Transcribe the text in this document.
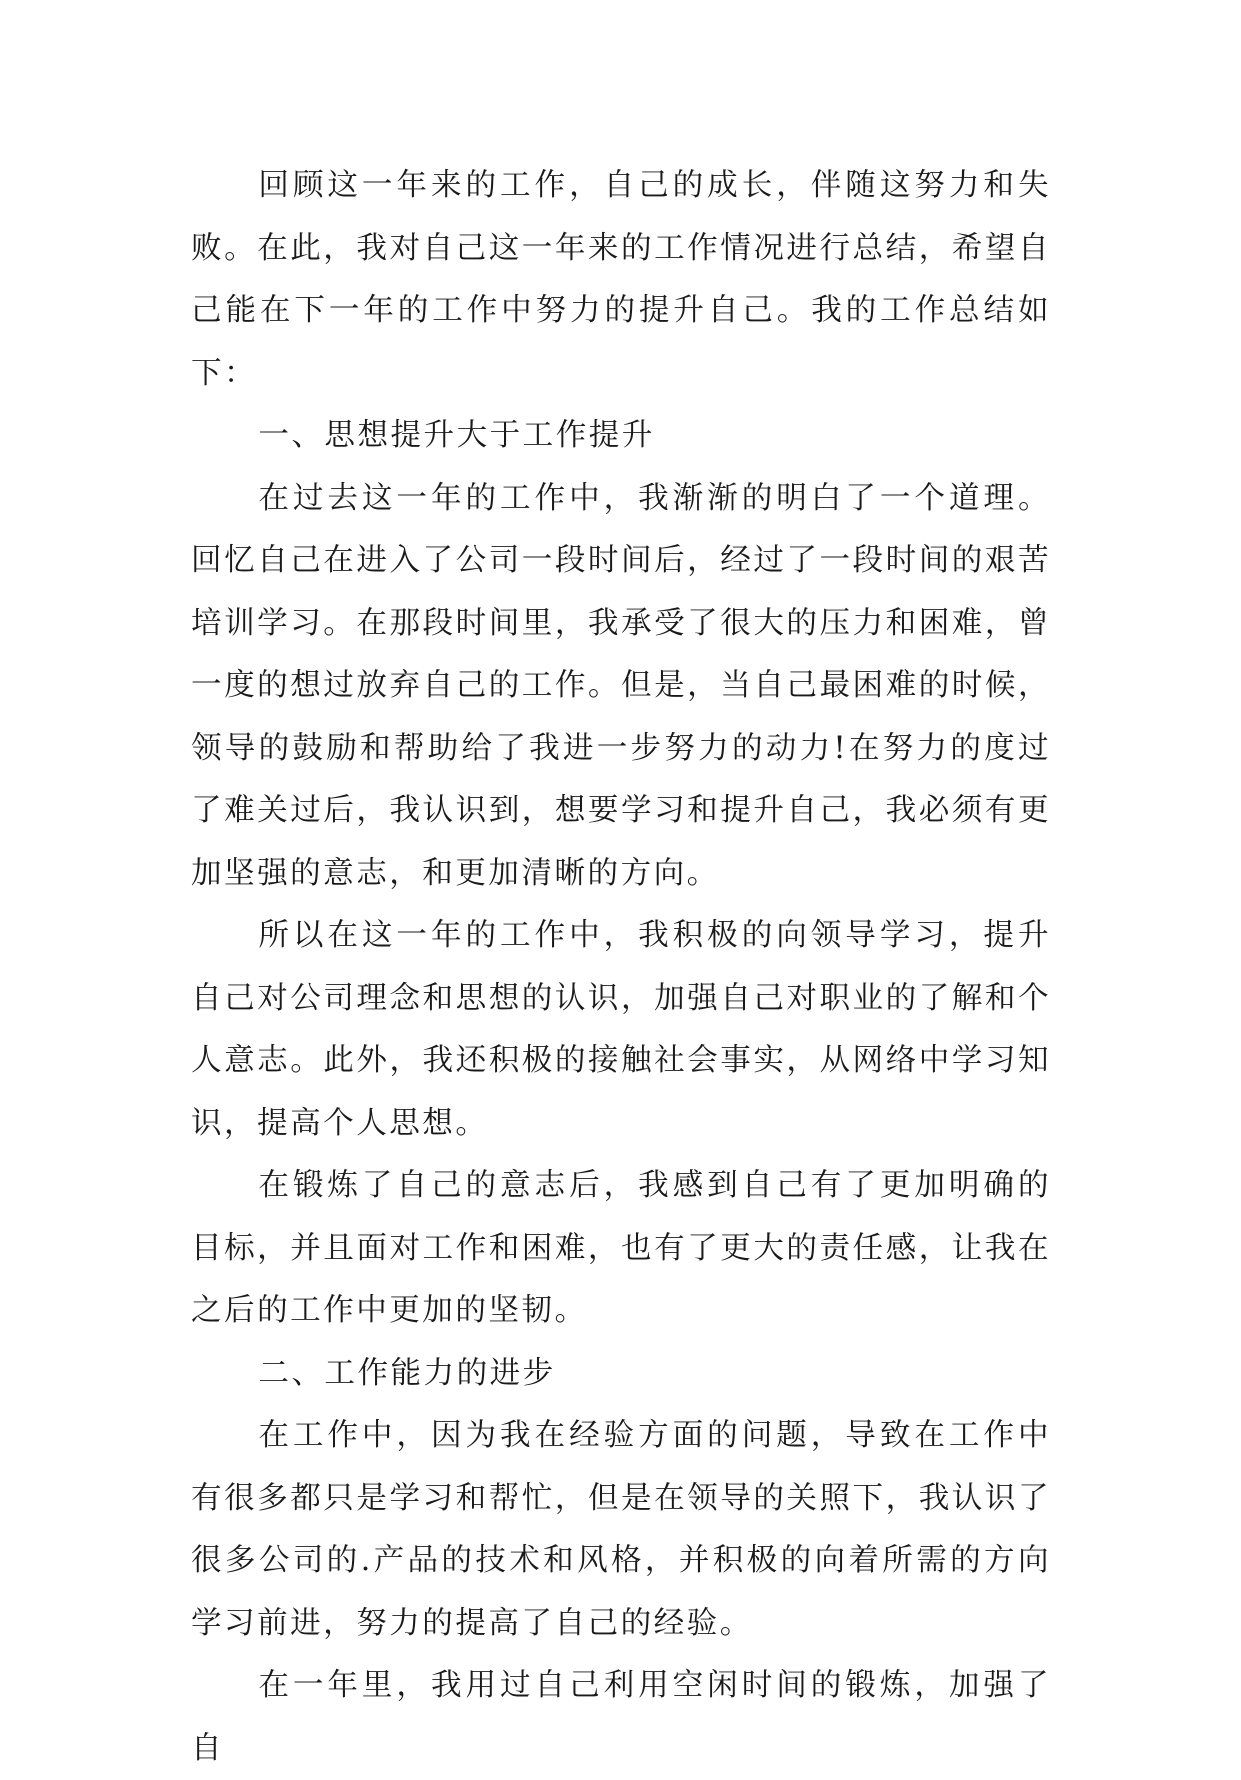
回顾这一年来的工作，自己的成长，伴随这努力和失败。在此，我对自己这一年来的工作情况进行总结，希望自己能在下一年的工作中努力的提升自己。我的工作总结如下：

一、思想提升大于工作提升

在过去这一年的工作中，我渐渐的明白了一个道理。回忆自己在进入了公司一段时间后，经过了一段时间的艰苦培训学习。在那段时间里，我承受了很大的压力和困难，曾一度的想过放弃自己的工作。但是，当自己最困难的时候，领导的鼓励和帮助给了我进一步努力的动力!在努力的度过了难关过后，我认识到，想要学习和提升自己，我必须有更加坚强的意志，和更加清晰的方向。

所以在这一年的工作中，我积极的向领导学习，提升自己对公司理念和思想的认识，加强自己对职业的了解和个人意志。此外，我还积极的接触社会事实，从网络中学习知识，提高个人思想。

在锻炼了自己的意志后，我感到自己有了更加明确的目标，并且面对工作和困难，也有了更大的责任感，让我在之后的工作中更加的坚韧。

二、工作能力的进步

在工作中，因为我在经验方面的问题，导致在工作中有很多都只是学习和帮忙，但是在领导的关照下，我认识了很多公司的.产品的技术和风格，并积极的向着所需的方向学习前进，努力的提高了自己的经验。

在一年里，我用过自己利用空闲时间的锻炼，加强了自
